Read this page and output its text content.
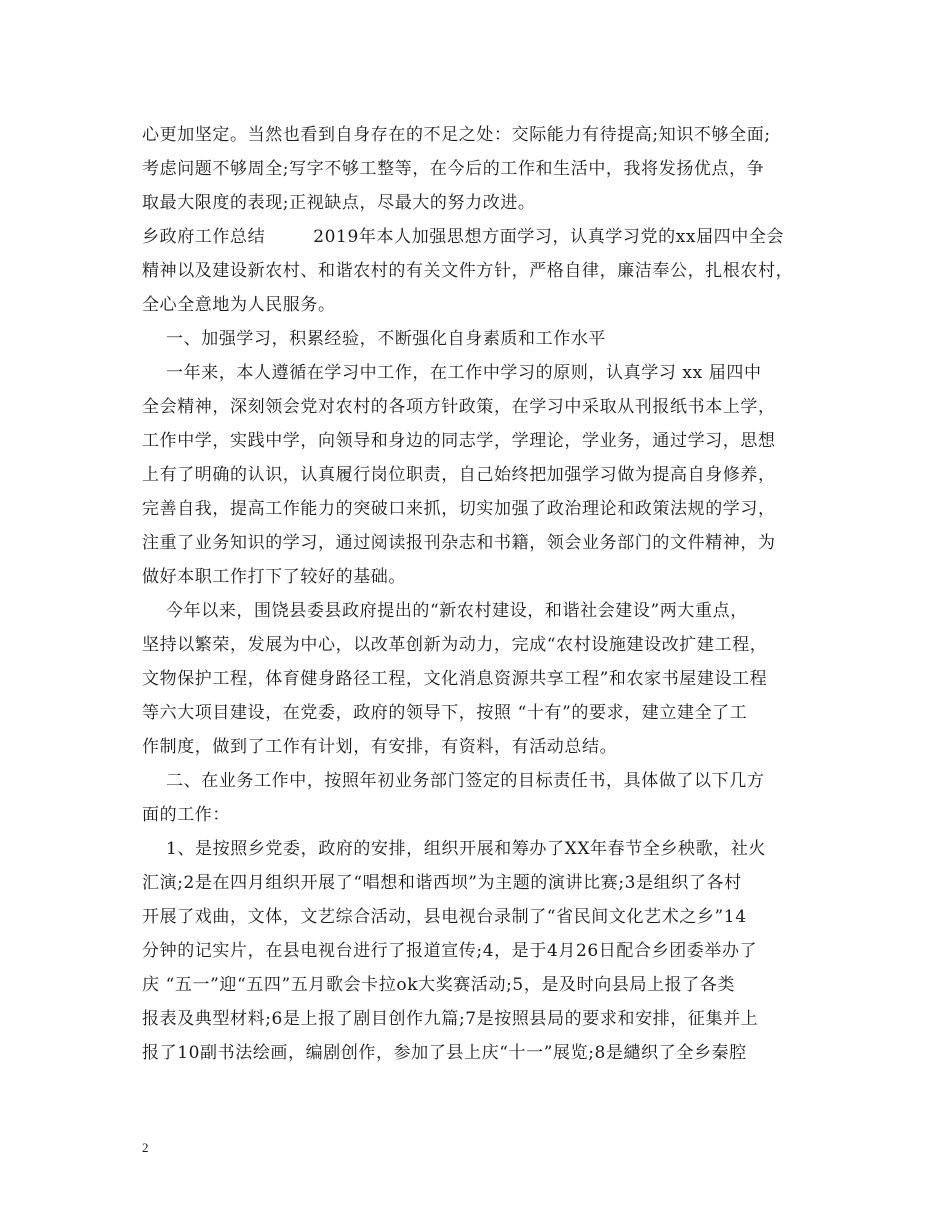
心更加坚定。当然也看到自身存在的不足之处：交际能力有待提高;知识不够全面;
考虑问题不够周全;写字不够工整等，在今后的工作和生活中，我将发扬优点，争
取最大限度的表现;正视缺点，尽最大的努力改进。
乡政府工作总结        2019年本人加强思想方面学习，认真学习党的xx届四中全会
精神以及建设新农村、和谐农村的有关文件方针，严格自律，廉洁奉公，扎根农村，
全心全意地为人民服务。
一、加强学习，积累经验，不断强化自身素质和工作水平
一年来，本人遵循在学习中工作，在工作中学习的原则，认真学习 xx 届四中
全会精神，深刻领会党对农村的各项方针政策，在学习中采取从刊报纸书本上学，
工作中学，实践中学，向领导和身边的同志学，学理论，学业务，通过学习，思想
上有了明确的认识，认真履行岗位职责，自己始终把加强学习做为提高自身修养，
完善自我，提高工作能力的突破口来抓，切实加强了政治理论和政策法规的学习，
注重了业务知识的学习，通过阅读报刊杂志和书籍，领会业务部门的文件精神，为
做好本职工作打下了较好的基础。
今年以来，围饶县委县政府提出的“新农村建设，和谐社会建设”两大重点，
坚持以繁荣，发展为中心，以改革创新为动力，完成“农村设施建设改扩建工程，
文物保护工程，体育健身路径工程，文化消息资源共享工程”和农家书屋建设工程
等六大项目建设，在党委，政府的领导下，按照 “十有”的要求，建立建全了工
作制度，做到了工作有计划，有安排，有资料，有活动总结。
二、在业务工作中，按照年初业务部门签定的目标责任书，具体做了以下几方
面的工作：
1、是按照乡党委，政府的安排，组织开展和筹办了XX年春节全乡秧歌，社火
汇演;2是在四月组织开展了“唱想和谐西坝”为主题的演讲比赛;3是组织了各村
开展了戏曲，文体，文艺综合活动，县电视台录制了“省民间文化艺术之乡”14
分钟的记实片，在县电视台进行了报道宣传;4，是于4月26日配合乡团委举办了
庆 “五一”迎“五四”五月歌会卡拉ok大奖赛活动;5，是及时向县局上报了各类
报表及典型材料;6是上报了剧目创作九篇;7是按照县局的要求和安排，征集并上
报了10副书法绘画，编剧创作，参加了县上庆“十一”展览;8是繾织了全乡秦腔
2
